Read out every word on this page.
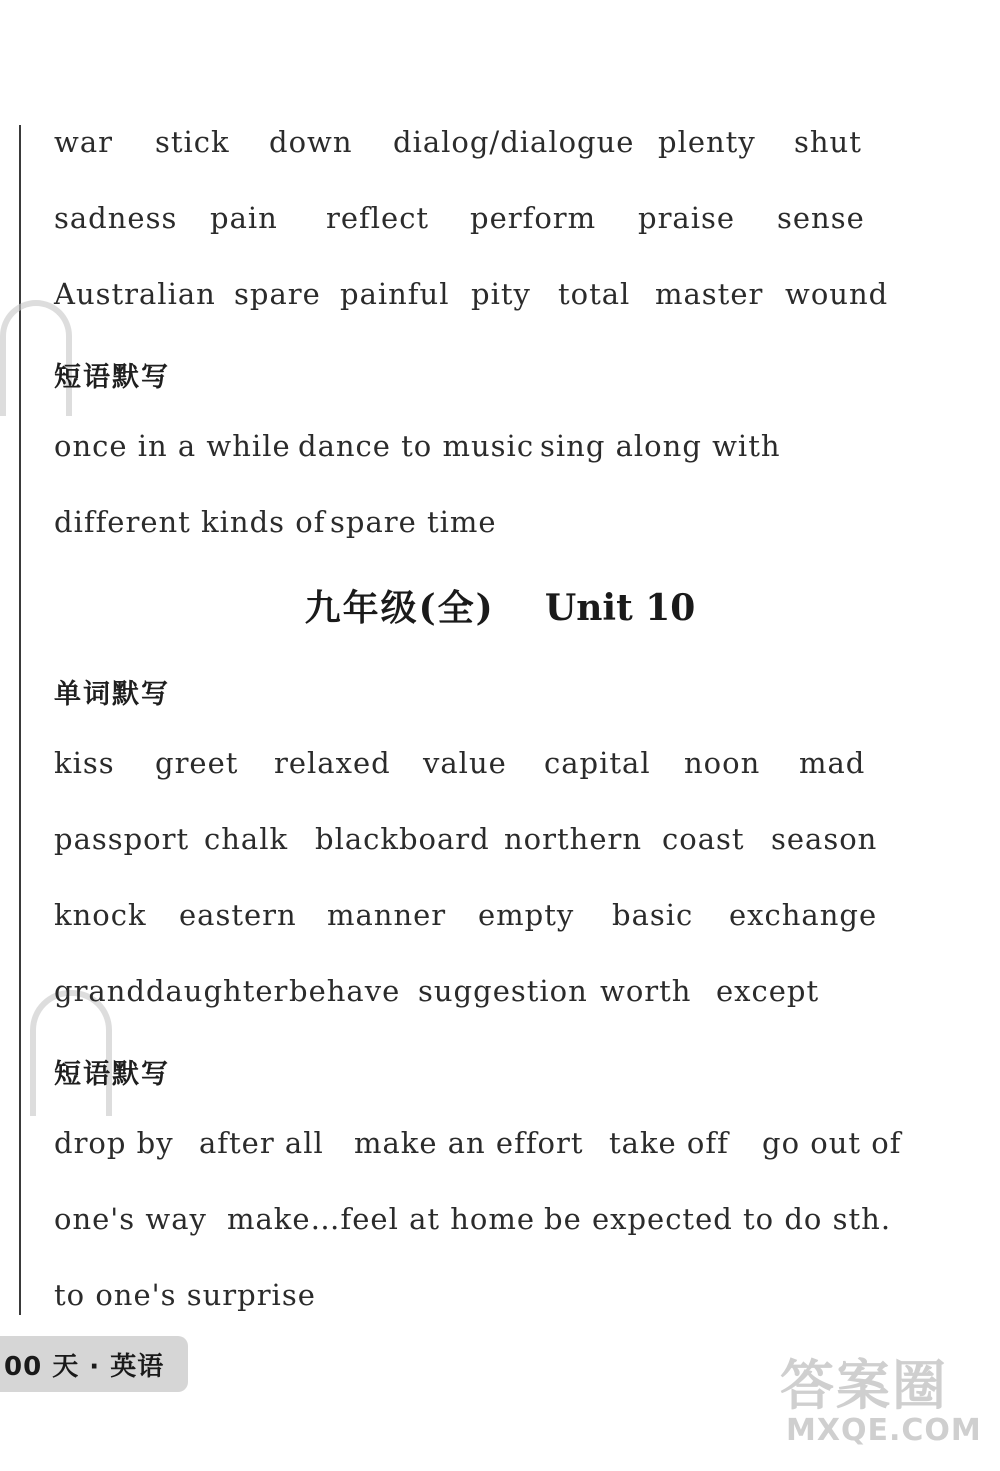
war stick down dialog/dialogue plenty shut
sadness pain reflect perform praise sense
Australian spare painful pity total master wound
短语默写
once in a while dance to music sing along with
different kinds of spare time
九年级(全) Unit 10
单词默写
kiss greet relaxed value capital noon mad
passport chalk blackboard northern coast season
knock eastern manner empty basic exchange
granddaughter behave suggestion worth except
短语默写
drop by after all make an effort take off go out of
one's way make…feel at home be expected to do sth.
to one's surprise
00 天 · 英语	答案圈
MXQE.COM
